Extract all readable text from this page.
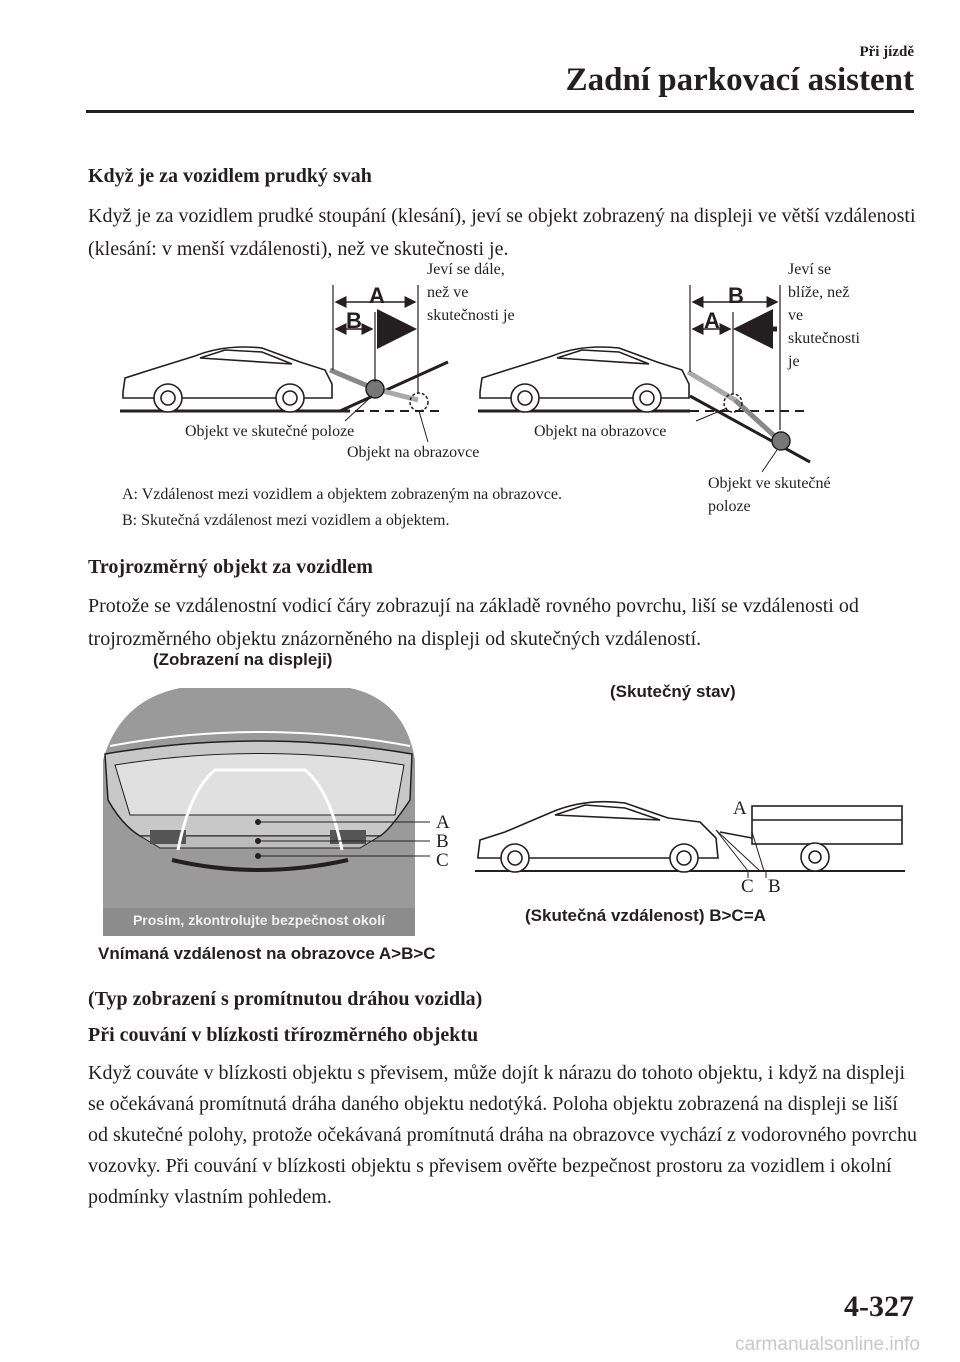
Při jízdě
Zadní parkovací asistent
Když je za vozidlem prudký svah
Když je za vozidlem prudké stoupání (klesání), jeví se objekt zobrazený na displeji ve větší vzdálenosti (klesání: v menší vzdálenosti), než ve skutečnosti je.
A
B
Jeví se dále,
než ve
skutečnosti je
Objekt ve skutečné poloze
Objekt na obrazovce
B
A
Jeví se
blíže, než
ve
skutečnosti
je
Objekt na obrazovce
Objekt ve skutečné
poloze
A: Vzdálenost mezi vozidlem a objektem zobrazeným na obrazovce.
B: Skutečná vzdálenost mezi vozidlem a objektem.
Trojrozměrný objekt za vozidlem
Protože se vzdálenostní vodicí čáry zobrazují na základě rovného povrchu, liší se vzdálenosti od trojrozměrného objektu znázorněného na displeji od skutečných vzdáleností.
(Zobrazení na displeji)
(Skutečný stav)
Prosím, zkontrolujte bezpečnost okolí
A
B
C
A
C B
(Skutečná vzdálenost) B>C=A
Vnímaná vzdálenost na obrazovce A>B>C
(Typ zobrazení s promítnutou dráhou vozidla)
Při couvání v blízkosti třírozměrného objektu
Když couváte v blízkosti objektu s převisem, může dojít k nárazu do tohoto objektu, i když na displeji se očekávaná promítnutá dráha daného objektu nedotýká. Poloha objektu zobrazená na displeji se liší od skutečné polohy, protože očekávaná promítnutá dráha na obrazovce vychází z vodorovného povrchu vozovky. Při couvání v blízkosti objektu s převisem ověřte bezpečnost prostoru za vozidlem i okolní podmínky vlastním pohledem.
4-327
carmanualsonline.info
